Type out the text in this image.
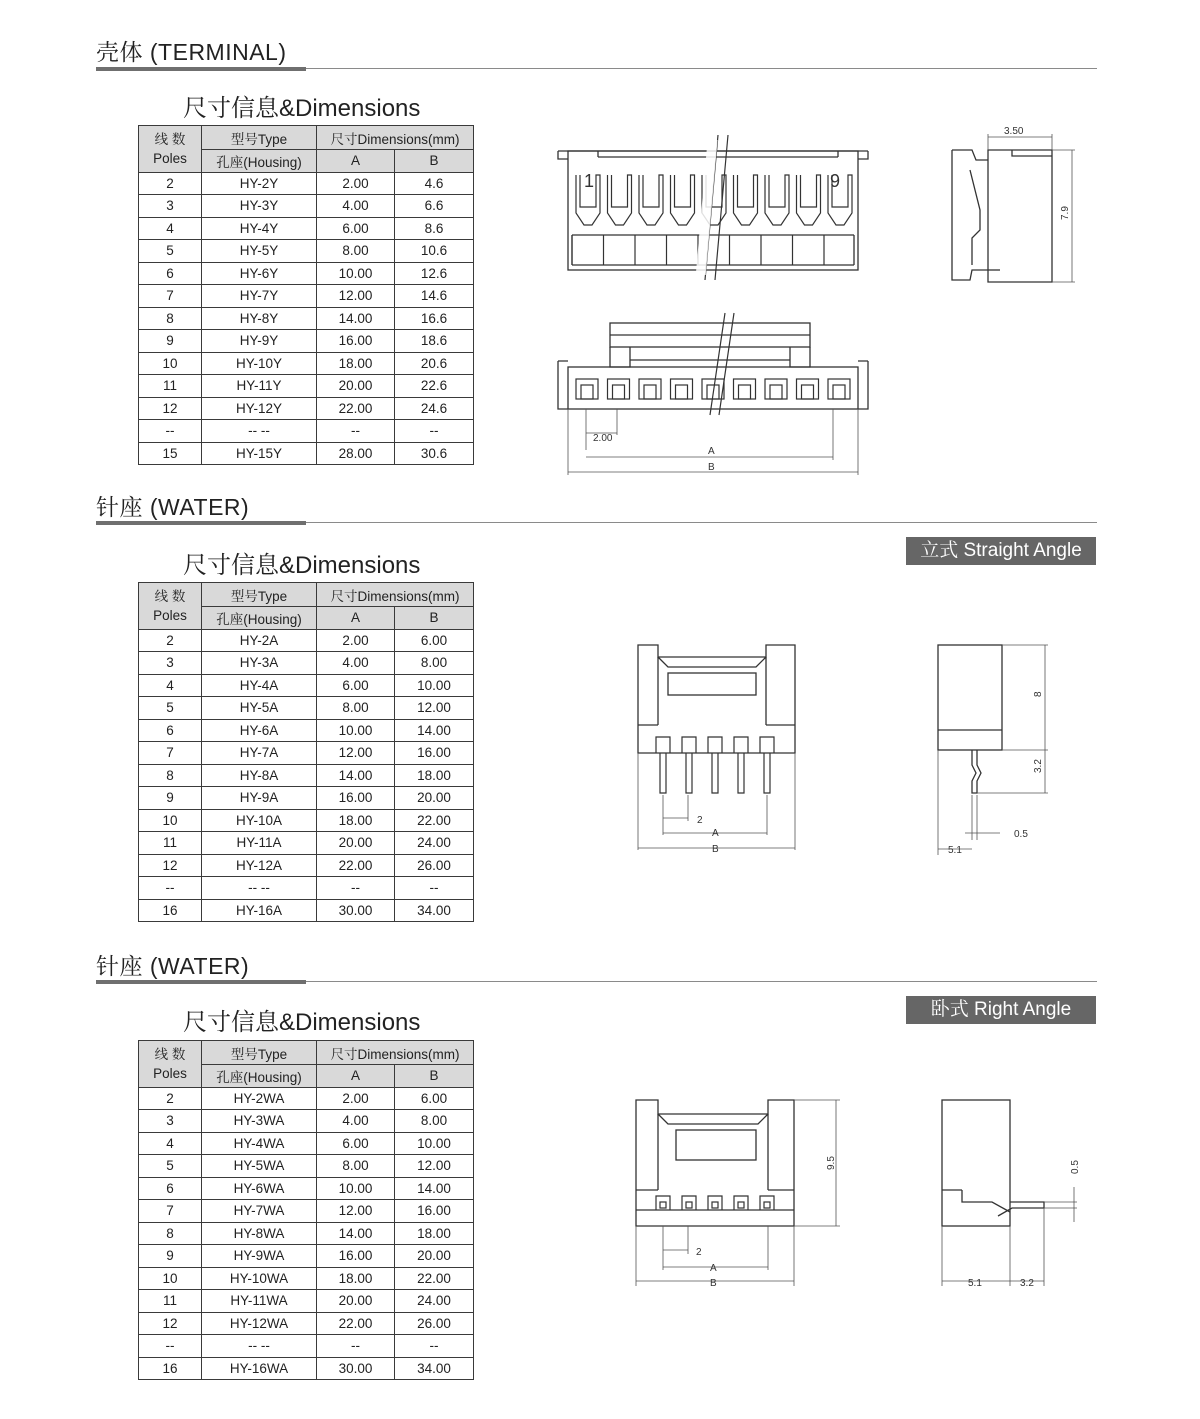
壳体 (TERMINAL)
尺寸信息&Dimensions
线 数
Poles	型号Type	尺寸Dimensions(mm)	
	孔座(Housing)	A	B
2	HY-2Y	2.00	4.6
3	HY-3Y	4.00	6.6
4	HY-4Y	6.00	8.6
5	HY-5Y	8.00	10.6
6	HY-6Y	10.00	12.6
7	HY-7Y	12.00	14.6
8	HY-8Y	14.00	16.6
9	HY-9Y	16.00	18.6
10	HY-10Y	18.00	20.6
11	HY-11Y	20.00	22.6
12	HY-12Y	22.00	24.6
--	-- --	--	--
15	HY-15Y	28.00	30.6
1	9
2.00
A
B
3.50
7.9
针座 (WATER)
尺寸信息&Dimensions
立式 Straight Angle
线 数
Poles	型号Type	尺寸Dimensions(mm)	
	孔座(Housing)	A	B
2	HY-2A	2.00	6.00
3	HY-3A	4.00	8.00
4	HY-4A	6.00	10.00
5	HY-5A	8.00	12.00
6	HY-6A	10.00	14.00
7	HY-7A	12.00	16.00
8	HY-8A	14.00	18.00
9	HY-9A	16.00	20.00
10	HY-10A	18.00	22.00
11	HY-11A	20.00	24.00
12	HY-12A	22.00	26.00
--	-- --	--	--
16	HY-16A	30.00	34.00
2
A
B
8
3.2
0.5
5.1
针座 (WATER)
尺寸信息&Dimensions	卧式 Right Angle
线 数
Poles	型号Type	尺寸Dimensions(mm)	
	孔座(Housing)	A	B
2	HY-2WA	2.00	6.00
3	HY-3WA	4.00	8.00
4	HY-4WA	6.00	10.00
5	HY-5WA	8.00	12.00
6	HY-6WA	10.00	14.00
7	HY-7WA	12.00	16.00
8	HY-8WA	14.00	18.00
9	HY-9WA	16.00	20.00
10	HY-10WA	18.00	22.00
11	HY-11WA	20.00	24.00
12	HY-12WA	22.00	26.00
--	-- --	--	--
16	HY-16WA	30.00	34.00
9.5
2
A
B
0.5
5.1	3.2
